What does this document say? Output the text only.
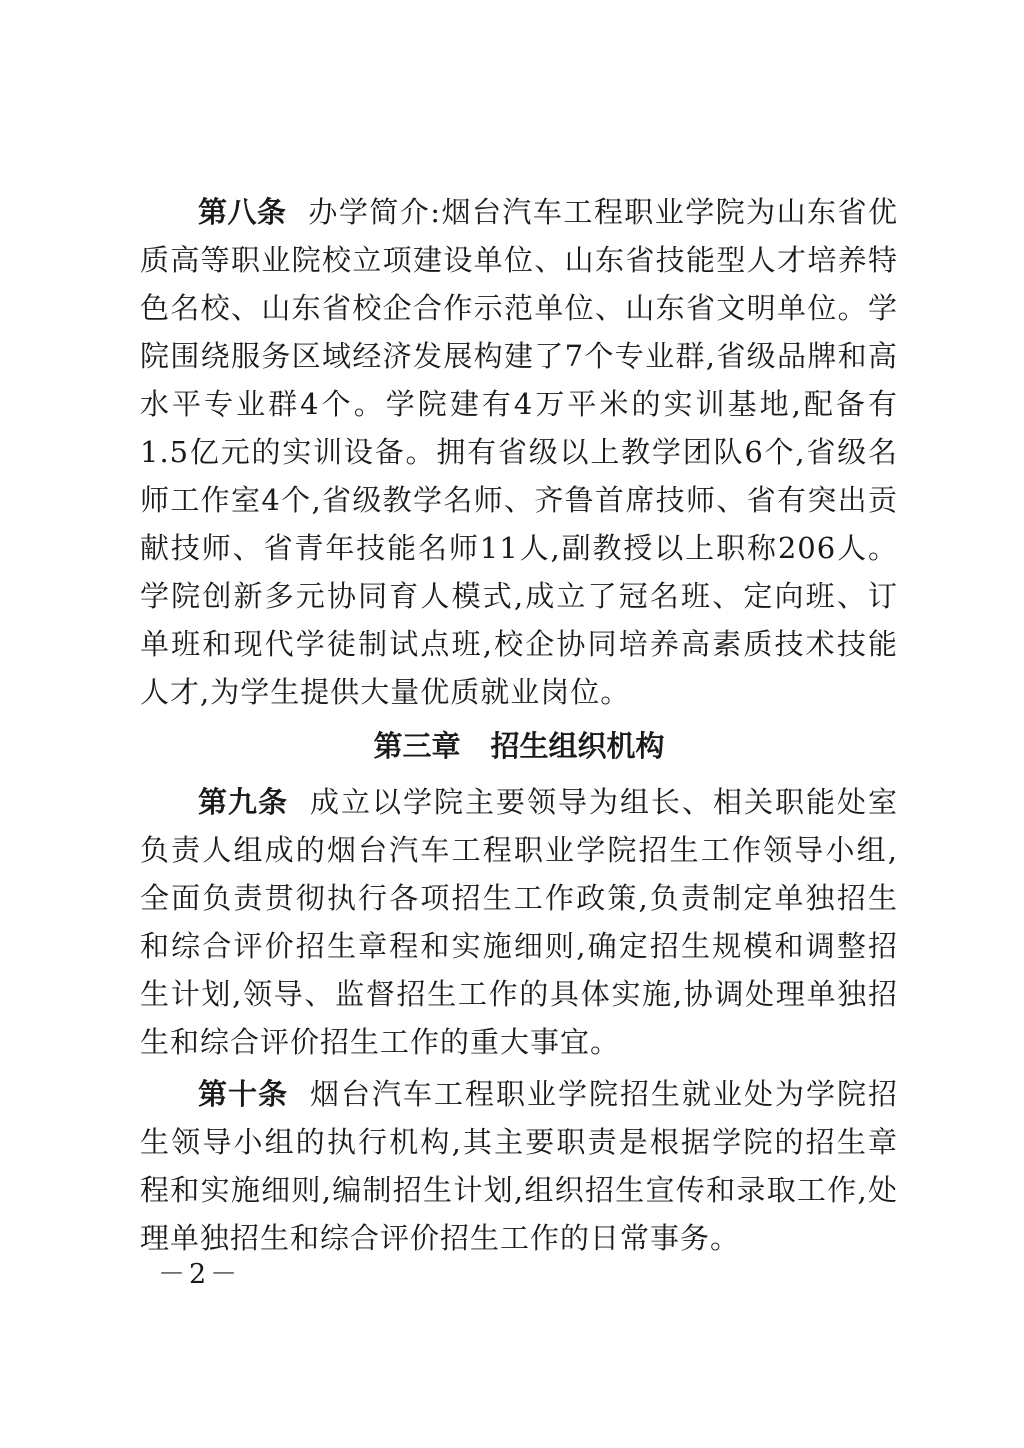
第八条 办学简介:烟台汽车工程职业学院为山东省优质高等职业院校立项建设单位、山东省技能型人才培养特色名校、山东省校企合作示范单位、山东省文明单位。学院围绕服务区域经济发展构建了7个专业群,省级品牌和高水平专业群4个。学院建有4万平米的实训基地,配备有1.5亿元的实训设备。拥有省级以上教学团队6个,省级名师工作室4个,省级教学名师、齐鲁首席技师、省有突出贡献技师、省青年技能名师11人,副教授以上职称206人。学院创新多元协同育人模式,成立了冠名班、定向班、订单班和现代学徒制试点班,校企协同培养高素质技术技能人才,为学生提供大量优质就业岗位。

第三章 招生组织机构

第九条 成立以学院主要领导为组长、相关职能处室负责人组成的烟台汽车工程职业学院招生工作领导小组,全面负责贯彻执行各项招生工作政策,负责制定单独招生和综合评价招生章程和实施细则,确定招生规模和调整招生计划,领导、监督招生工作的具体实施,协调处理单独招生和综合评价招生工作的重大事宜。

第十条 烟台汽车工程职业学院招生就业处为学院招生领导小组的执行机构,其主要职责是根据学院的招生章程和实施细则,编制招生计划,组织招生宣传和录取工作,处理单独招生和综合评价招生工作的日常事务。

－2－
